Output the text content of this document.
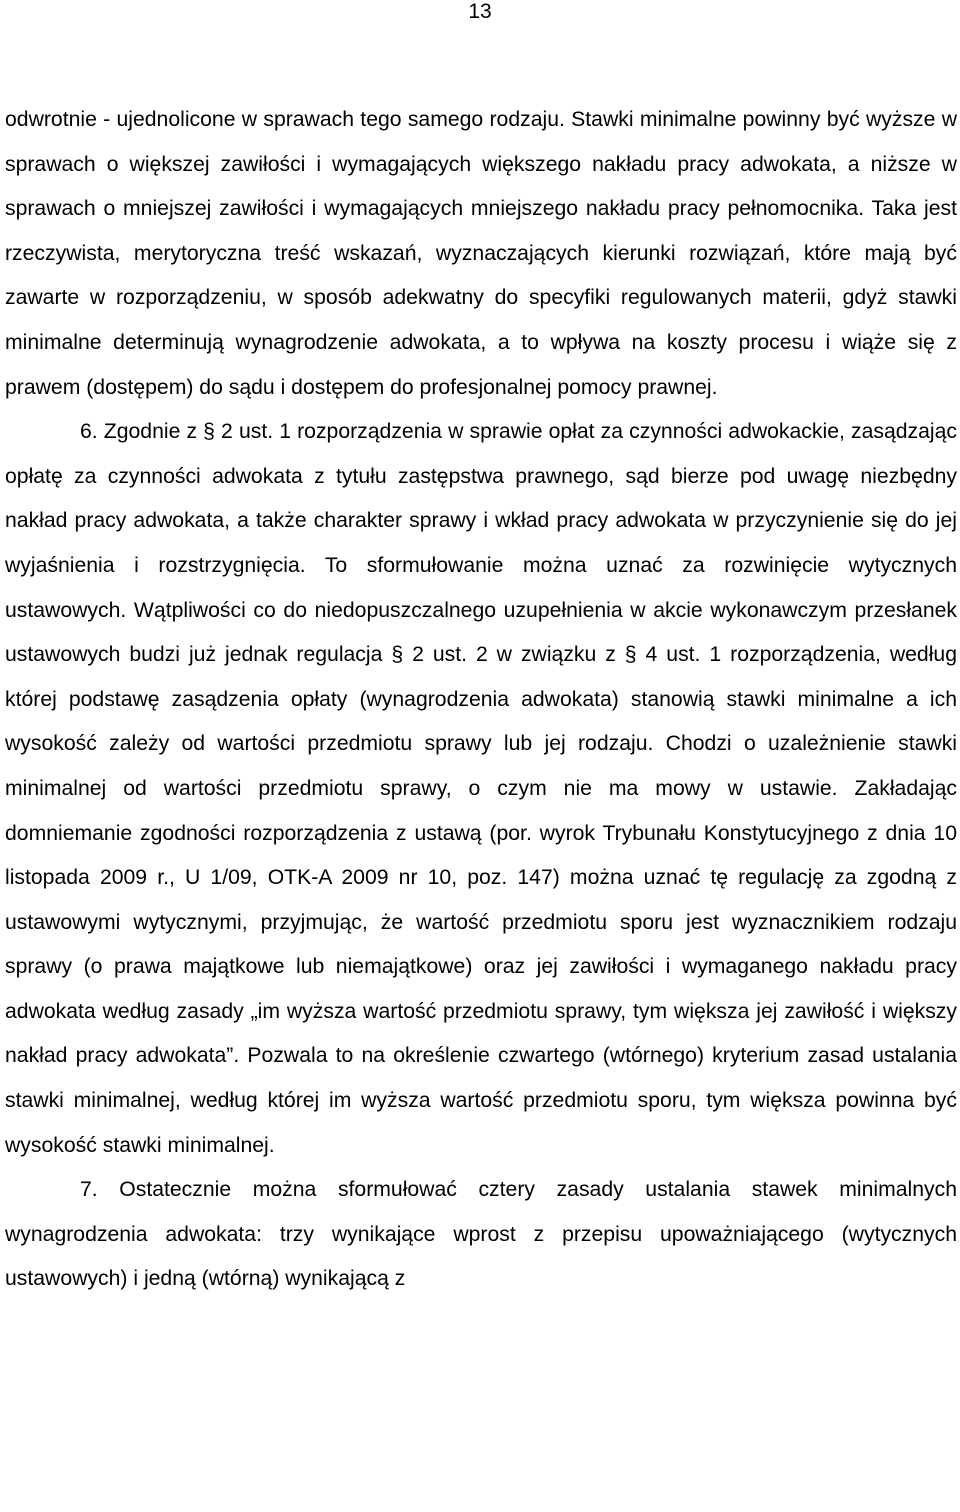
13

odwrotnie - ujednolicone w sprawach tego samego rodzaju. Stawki minimalne powinny być wyższe w sprawach o większej zawiłości i wymagających większego nakładu pracy adwokata, a niższe w sprawach o mniejszej zawiłości i wymagających mniejszego nakładu pracy pełnomocnika. Taka jest rzeczywista, merytoryczna treść wskazań, wyznaczających kierunki rozwiązań, które mają być zawarte w rozporządzeniu, w sposób adekwatny do specyfiki regulowanych materii, gdyż stawki minimalne determinują wynagrodzenie adwokata, a to wpływa na koszty procesu i wiąże się z prawem (dostępem) do sądu i dostępem do profesjonalnej pomocy prawnej.

6. Zgodnie z § 2 ust. 1 rozporządzenia w sprawie opłat za czynności adwokackie, zasądzając opłatę za czynności adwokata z tytułu zastępstwa prawnego, sąd bierze pod uwagę niezbędny nakład pracy adwokata, a także charakter sprawy i wkład pracy adwokata w przyczynienie się do jej wyjaśnienia i rozstrzygnięcia. To sformułowanie można uznać za rozwinięcie wytycznych ustawowych. Wątpliwości co do niedopuszczalnego uzupełnienia w akcie wykonawczym przesłanek ustawowych budzi już jednak regulacja § 2 ust. 2 w związku z § 4 ust. 1 rozporządzenia, według której podstawę zasądzenia opłaty (wynagrodzenia adwokata) stanowią stawki minimalne a ich wysokość zależy od wartości przedmiotu sprawy lub jej rodzaju. Chodzi o uzależnienie stawki minimalnej od wartości przedmiotu sprawy, o czym nie ma mowy w ustawie. Zakładając domniemanie zgodności rozporządzenia z ustawą (por. wyrok Trybunału Konstytucyjnego z dnia 10 listopada 2009 r., U 1/09, OTK-A 2009 nr 10, poz. 147) można uznać tę regulację za zgodną z ustawowymi wytycznymi, przyjmując, że wartość przedmiotu sporu jest wyznacznikiem rodzaju sprawy (o prawa majątkowe lub niemajątkowe) oraz jej zawiłości i wymaganego nakładu pracy adwokata według zasady „im wyższa wartość przedmiotu sprawy, tym większa jej zawiłość i większy nakład pracy adwokata”. Pozwala to na określenie czwartego (wtórnego) kryterium zasad ustalania stawki minimalnej, według której im wyższa wartość przedmiotu sporu, tym większa powinna być wysokość stawki minimalnej.

7. Ostatecznie można sformułować cztery zasady ustalania stawek minimalnych wynagrodzenia adwokata: trzy wynikające wprost z przepisu upoważniającego (wytycznych ustawowych) i jedną (wtórną) wynikającą z
